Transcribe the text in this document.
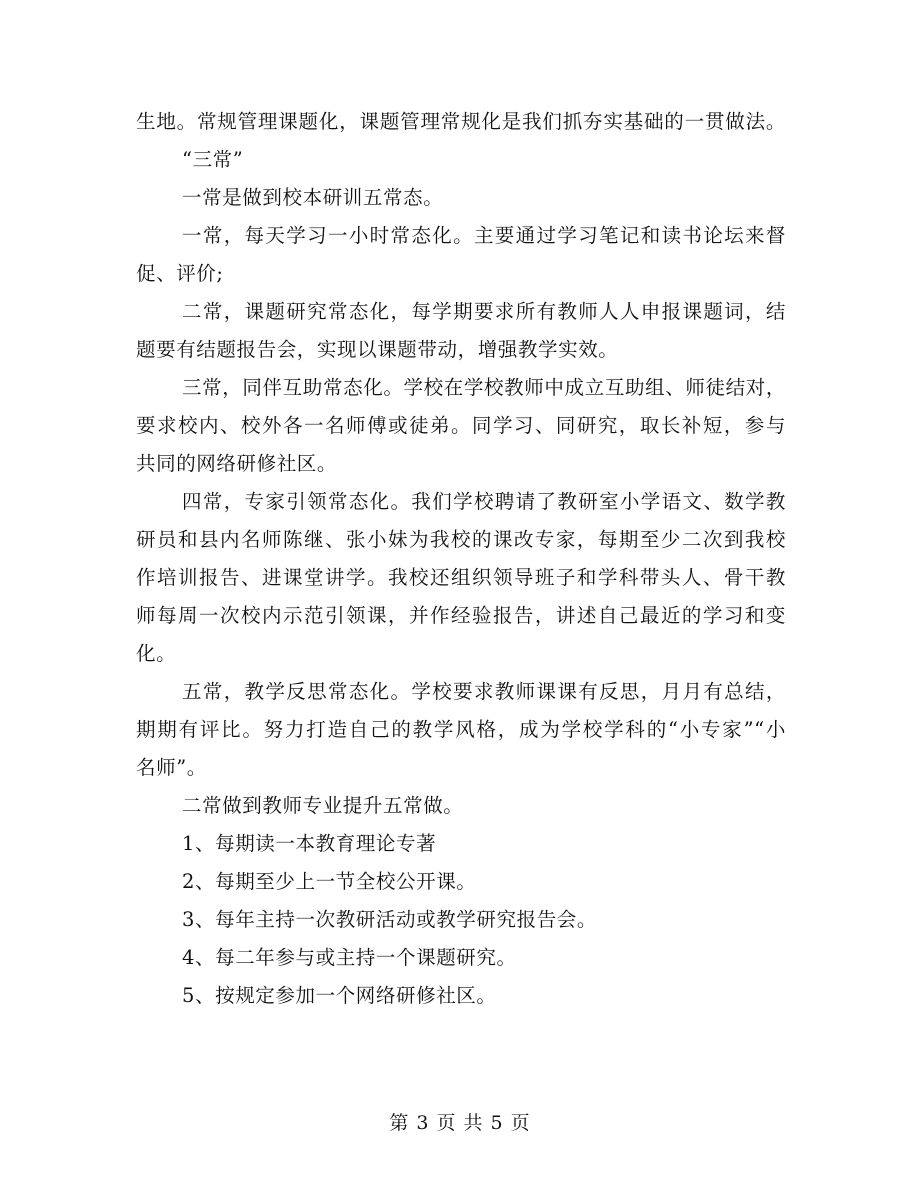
生地。常规管理课题化，课题管理常规化是我们抓夯实基础的一贯做法。
“三常”
一常是做到校本研训五常态。
一常，每天学习一小时常态化。主要通过学习笔记和读书论坛来督
促、评价;
二常，课题研究常态化，每学期要求所有教师人人申报课题词，结
题要有结题报告会，实现以课题带动，增强教学实效。
三常，同伴互助常态化。学校在学校教师中成立互助组、师徒结对，
要求校内、校外各一名师傅或徒弟。同学习、同研究，取长补短，参与
共同的网络研修社区。
四常，专家引领常态化。我们学校聘请了教研室小学语文、数学教
研员和县内名师陈继、张小妹为我校的课改专家，每期至少二次到我校
作培训报告、进课堂讲学。我校还组织领导班子和学科带头人、骨干教
师每周一次校内示范引领课，并作经验报告，讲述自己最近的学习和变
化。
五常，教学反思常态化。学校要求教师课课有反思，月月有总结，
期期有评比。努力打造自己的教学风格，成为学校学科的“小专家”“小
名师”。
二常做到教师专业提升五常做。
1、每期读一本教育理论专著
2、每期至少上一节全校公开课。
3、每年主持一次教研活动或教学研究报告会。
4、每二年参与或主持一个课题研究。
5、按规定参加一个网络研修社区。
第 3 页 共 5 页
